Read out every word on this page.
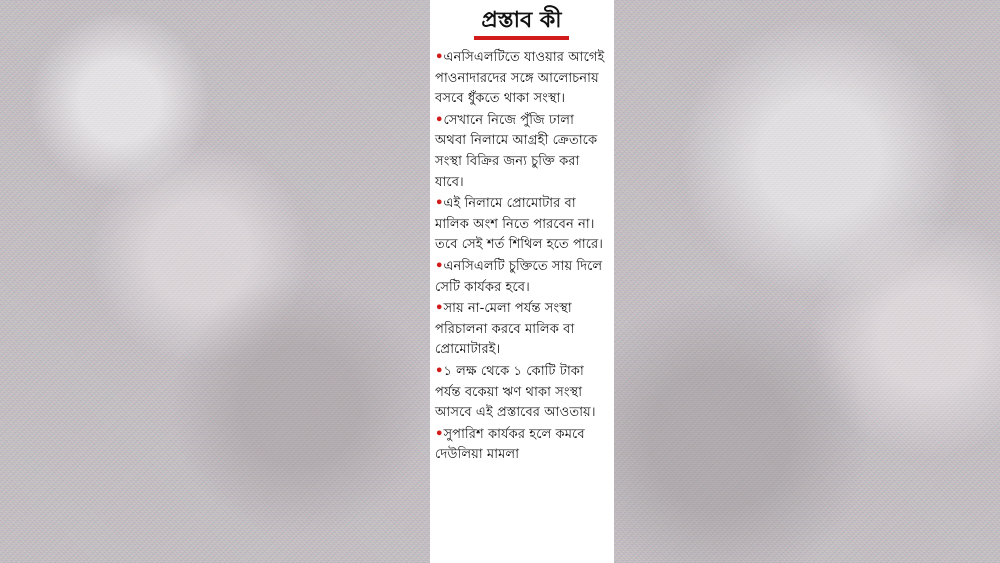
প্রস্তাব কী
•এনসিএলটিতে যাওয়ার আগেই পাওনাদারদের সঙ্গে আলোচনায় বসবে ধুঁকতে থাকা সংস্থা।
•সেখানে নিজে পুঁজি ঢালা অথবা নিলামে আগ্রহী ক্রেতাকে সংস্থা বিক্রির জন্য চুক্তি করা যাবে।
•এই নিলামে প্রোমোটার বা মালিক অংশ নিতে পারবেন না। তবে সেই শর্ত শিথিল হতে পারে।
•এনসিএলটি চুক্তিতে সায় দিলে সেটি কার্যকর হবে।
•সায় না-মেলা পর্যন্ত সংস্থা পরিচালনা করবে মালিক বা প্রোমোটারই।
•১ লক্ষ থেকে ১ কোটি টাকা পর্যন্ত বকেয়া ঋণ থাকা সংস্থা আসবে এই প্রস্তাবের আওতায়।
•সুপারিশ কার্যকর হলে কমবে দেউলিয়া মামলা
